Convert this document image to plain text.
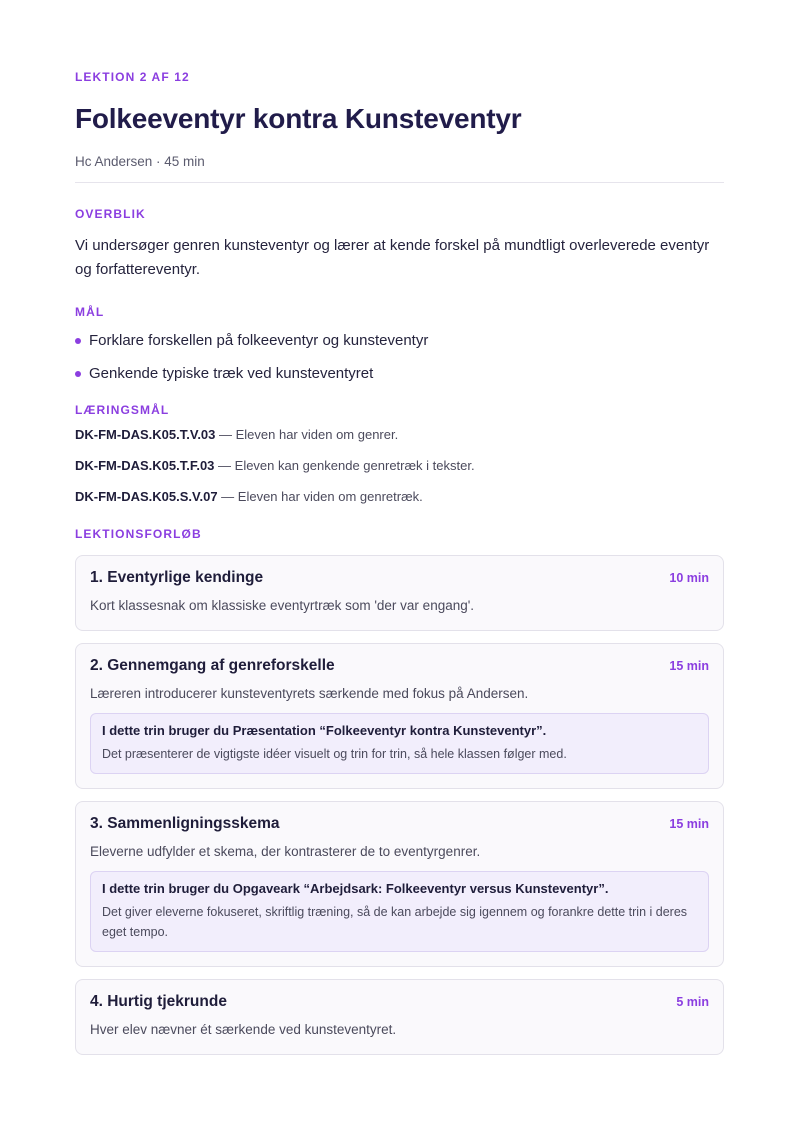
LEKTION 2 AF 12
Folkeeventyr kontra Kunsteventyr
Hc Andersen · 45 min
OVERBLIK

Vi undersøger genren kunsteventyr og lærer at kende forskel på mundtligt overleverede eventyr og forfattereventyr.

MÅL
Forklare forskellen på folkeeventyr og kunsteventyr
Genkende typiske træk ved kunsteventyret
LÆRINGSMÅL
DK-FM-DAS.K05.T.V.03 — Eleven har viden om genrer.
DK-FM-DAS.K05.T.F.03 — Eleven kan genkende genretræk i tekster.
DK-FM-DAS.K05.S.V.07 — Eleven har viden om genretræk.
LEKTIONSFORLØB
1. Eventyrlige kendinge	10 min
Kort klassesnak om klassiske eventyrtræk som 'der var engang'.
2. Gennemgang af genreforskelle	15 min
Læreren introducerer kunsteventyrets særkende med fokus på Andersen.
I dette trin bruger du Præsentation “Folkeeventyr kontra Kunsteventyr”.
Det præsenterer de vigtigste idéer visuelt og trin for trin, så hele klassen følger med.
3. Sammenligningsskema	15 min
Eleverne udfylder et skema, der kontrasterer de to eventyrgenrer.
I dette trin bruger du Opgaveark “Arbejdsark: Folkeeventyr versus Kunsteventyr”.
Det giver eleverne fokuseret, skriftlig træning, så de kan arbejde sig igennem og forankre dette trin i deres eget tempo.
4. Hurtig tjekrunde	5 min
Hver elev nævner ét særkende ved kunsteventyret.
